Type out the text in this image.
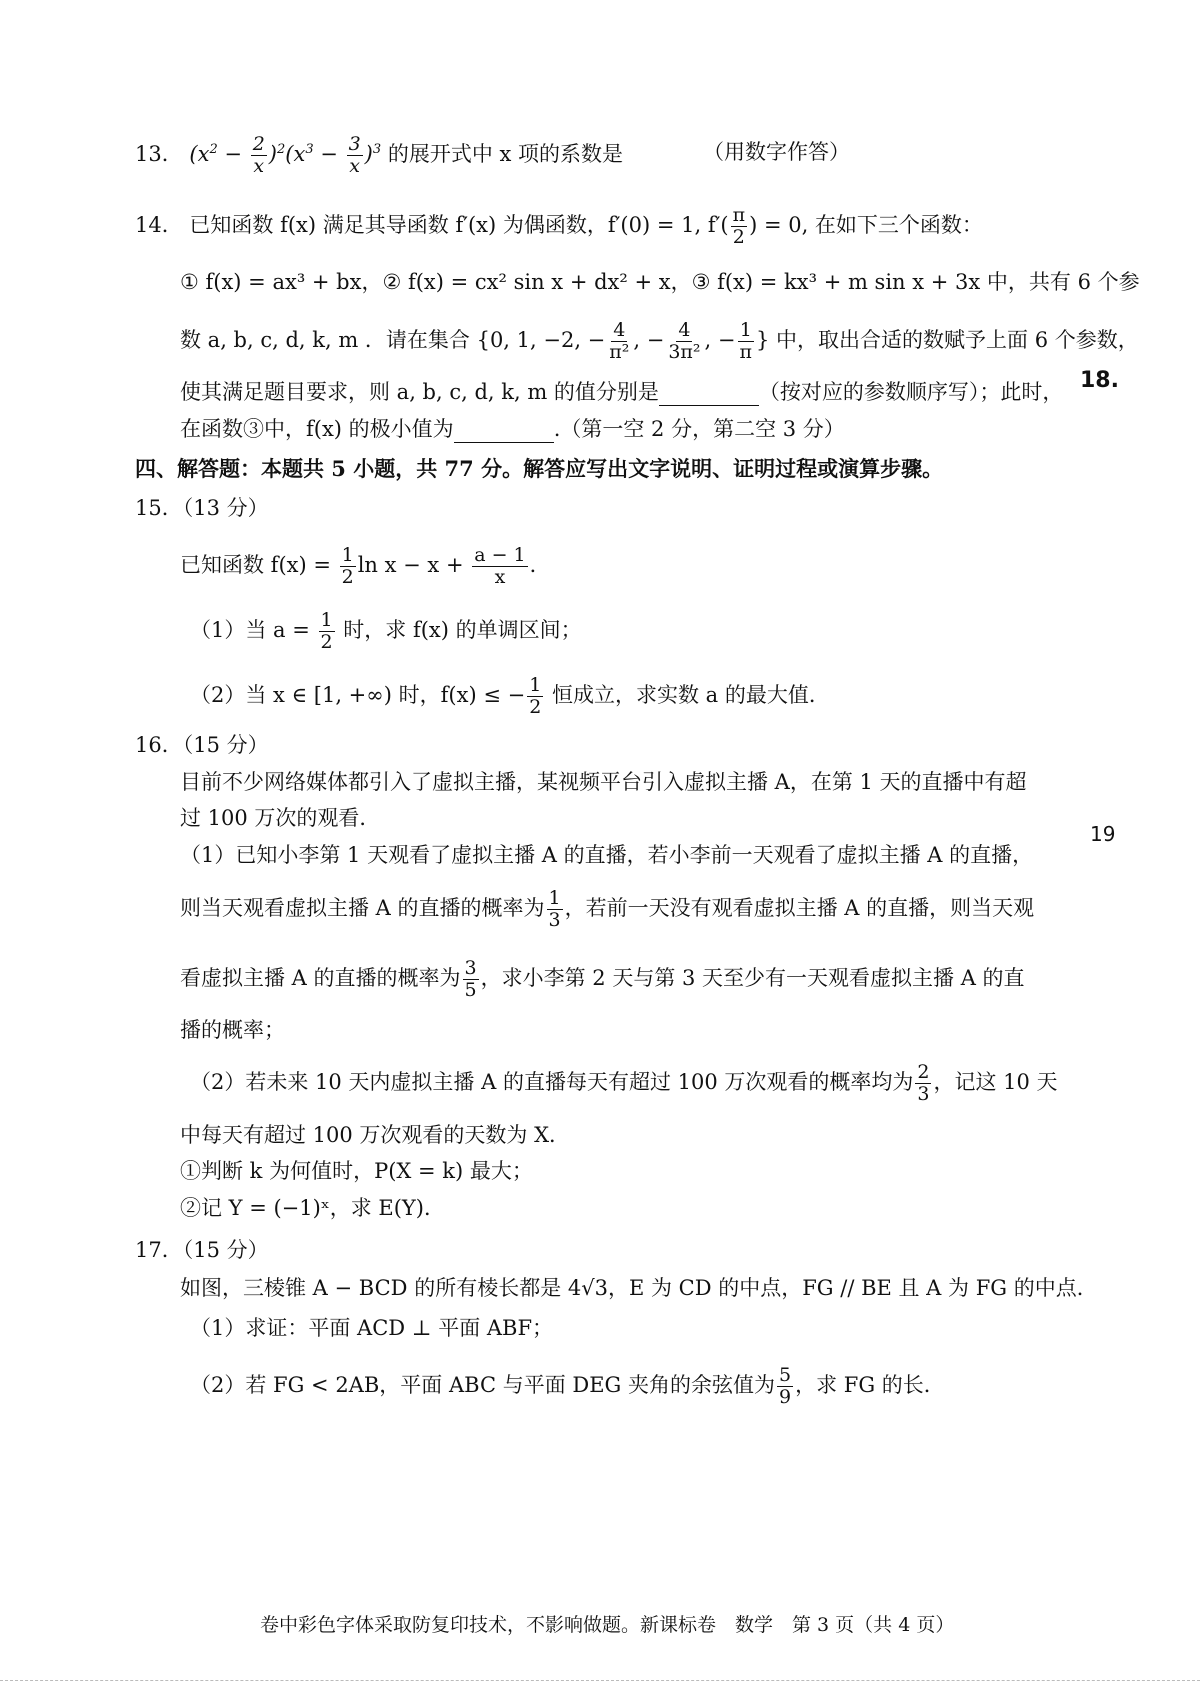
13． $(x^2 - \frac{2}{x} )^2(x^3 - \frac{3}{x} )^3$ 的展开式中 x 项的系数是	（用数字作答）
14． 已知函数 f(x) 满足其导函数 f′(x) 为偶函数，f′(0) = 1, $f'( \frac{\pi}{2}$ ) = 0, 在如下三个函数：
① f(x) = ax³ + bx，② f(x) = cx² sin x + dx² + x，③ f(x) = kx³ + m sin x + 3x 中，共有 6 个参
数 a, b, c, d, k, m ．请在集合 {0, 1, −2, − $\frac{4}{\text{π²}}$ , − $\frac{4}{\text{3π²}}$ , − $\frac{1}{\pi}$ } 中，取出合适的数赋予上面 6 个参数，
使其满足题目要求，则 a, b, c, d, k, m 的值分别是	（按对应的参数顺序写）；此时，
在函数③中，f(x) 的极小值为	.（第一空 2 分，第二空 3 分）
四、解答题：本题共 5 小题，共 77 分。解答应写出文字说明、证明过程或演算步骤。
15．（13 分）
已知函数 $f(x) = \frac{1}{2}$ $\ln x - x + \frac{a - 1}{x}$ ．
（1）当 $a = \frac{1}{2}$ 时，求 f(x) 的单调区间；
（2）当 x ∈ [1, +∞) 时，f(x) ≤ − $\frac{1}{2}$ 恒成立，求实数 a 的最大值．
16．（15 分）
目前不少网络媒体都引入了虚拟主播，某视频平台引入虚拟主播 A，在第 1 天的直播中有超
过 100 万次的观看．
（1）已知小李第 1 天观看了虚拟主播 A 的直播，若小李前一天观看了虚拟主播 A 的直播，
则当天观看虚拟主播 A 的直播的概率为 $\frac{1}{3}$ ，若前一天没有观看虚拟主播 A 的直播，则当天观
看虚拟主播 A 的直播的概率为 $\frac{3}{5}$ ，求小李第 2 天与第 3 天至少有一天观看虚拟主播 A 的直
播的概率；
（2）若未来 10 天内虚拟主播 A 的直播每天有超过 100 万次观看的概率均为 $\frac{2}{3}$ ，记这 10 天
中每天有超过 100 万次观看的天数为 X．
①判断 k 为何值时，P(X = k) 最大；
②记 Y = (−1)ˣ，求 E(Y)．
17．（15 分）
如图，三棱锥 A − BCD 的所有棱长都是 4√3，E 为 CD 的中点，FG // BE 且 A 为 FG 的中点．
（1）求证：平面 ACD ⊥ 平面 ABF；
（2）若 FG < 2AB，平面 ABC 与平面 DEG 夹角的余弦值为 $\frac{5}{9}$ ，求 FG 的长．
18.
19
卷中彩色字体采取防复印技术，不影响做题。新课标卷　数学　第 3 页（共 4 页）
